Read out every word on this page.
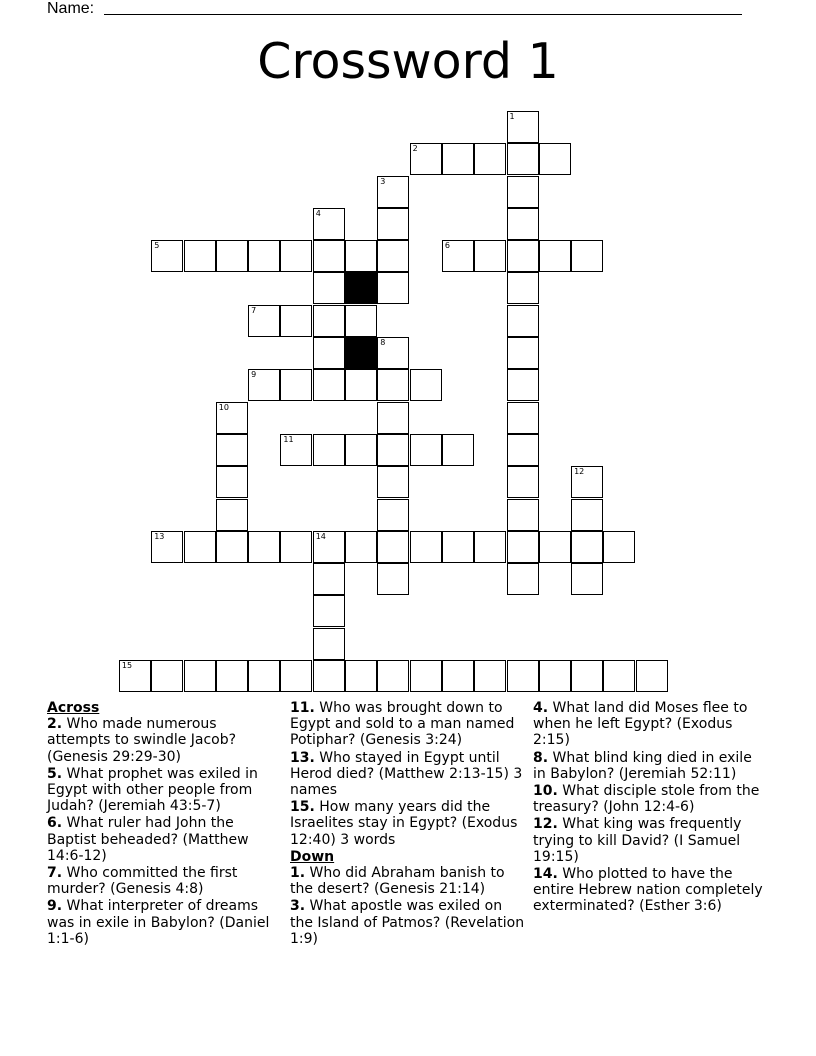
Name:
Crossword 1
1
2
3
4
5	6
7
8
9
10
11
12
13	14
15
Across
2. Who made numerous attempts to swindle Jacob? (Genesis 29:29-30)
5. What prophet was exiled in Egypt with other people from Judah? (Jeremiah 43:5-7)
6. What ruler had John the Baptist beheaded? (Matthew 14:6-12)
7. Who committed the first murder? (Genesis 4:8)
9. What interpreter of dreams was in exile in Babylon? (Daniel 1:1-6)
11. Who was brought down to Egypt and sold to a man named Potiphar? (Genesis 3:24)
13. Who stayed in Egypt until Herod died? (Matthew 2:13-15) 3 names
15. How many years did the Israelites stay in Egypt? (Exodus 12:40) 3 words
Down
1. Who did Abraham banish to the desert? (Genesis 21:14)
3. What apostle was exiled on the Island of Patmos? (Revelation 1:9)
4. What land did Moses flee to when he left Egypt? (Exodus 2:15)
8. What blind king died in exile in Babylon? (Jeremiah 52:11)
10. What disciple stole from the treasury? (John 12:4-6)
12. What king was frequently trying to kill David? (I Samuel 19:15)
14. Who plotted to have the entire Hebrew nation completely exterminated? (Esther 3:6)
